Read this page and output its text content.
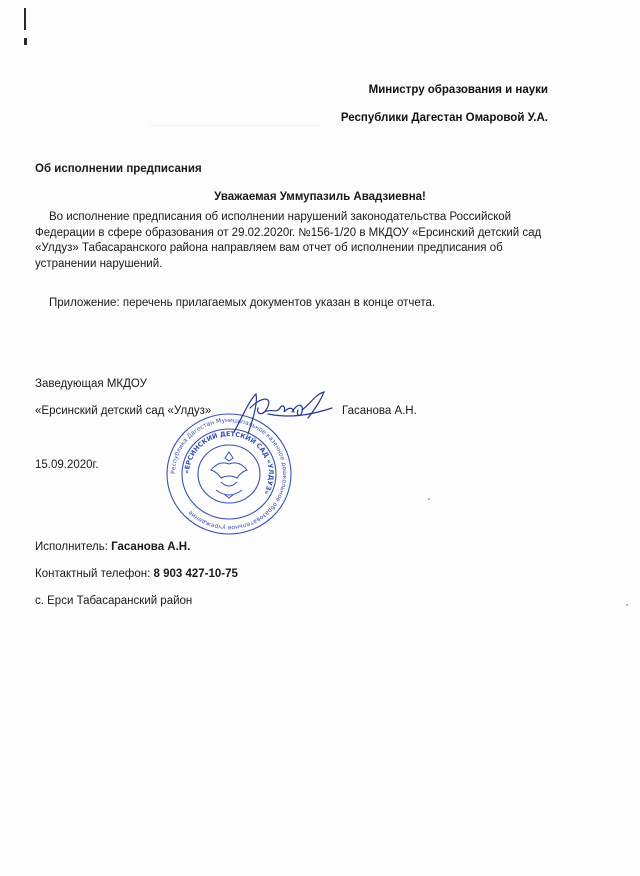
Министру образования и науки
Республики Дагестан Омаровой У.А.
Об исполнении предписания
Уважаемая Уммупазиль Авадзиевна!
Во исполнение предписания об исполнении нарушений законодательства Российской Федерации в сфере образования от 29.02.2020г. №156-1/20 в МКДОУ «Ерсинский детский сад «Улдуз» Табасаранского района направляем вам отчет об исполнении предписания об устранении нарушений.
Приложение: перечень прилагаемых документов указан в конце отчета.
Заведующая МКДОУ
«Ерсинский детский сад «Улдуз»	Гасанова А.Н.
Республика Дагестан Муниципальное казенное дошкольное образовательное учреждение
«ЕРСИНСКИЙ ДЕТСКИЙ САД «УЛДУЗ»
15.09.2020г.
Исполнитель: Гасанова А.Н.
Контактный телефон: 8 903 427-10-75
с. Ерси Табасаранский район
